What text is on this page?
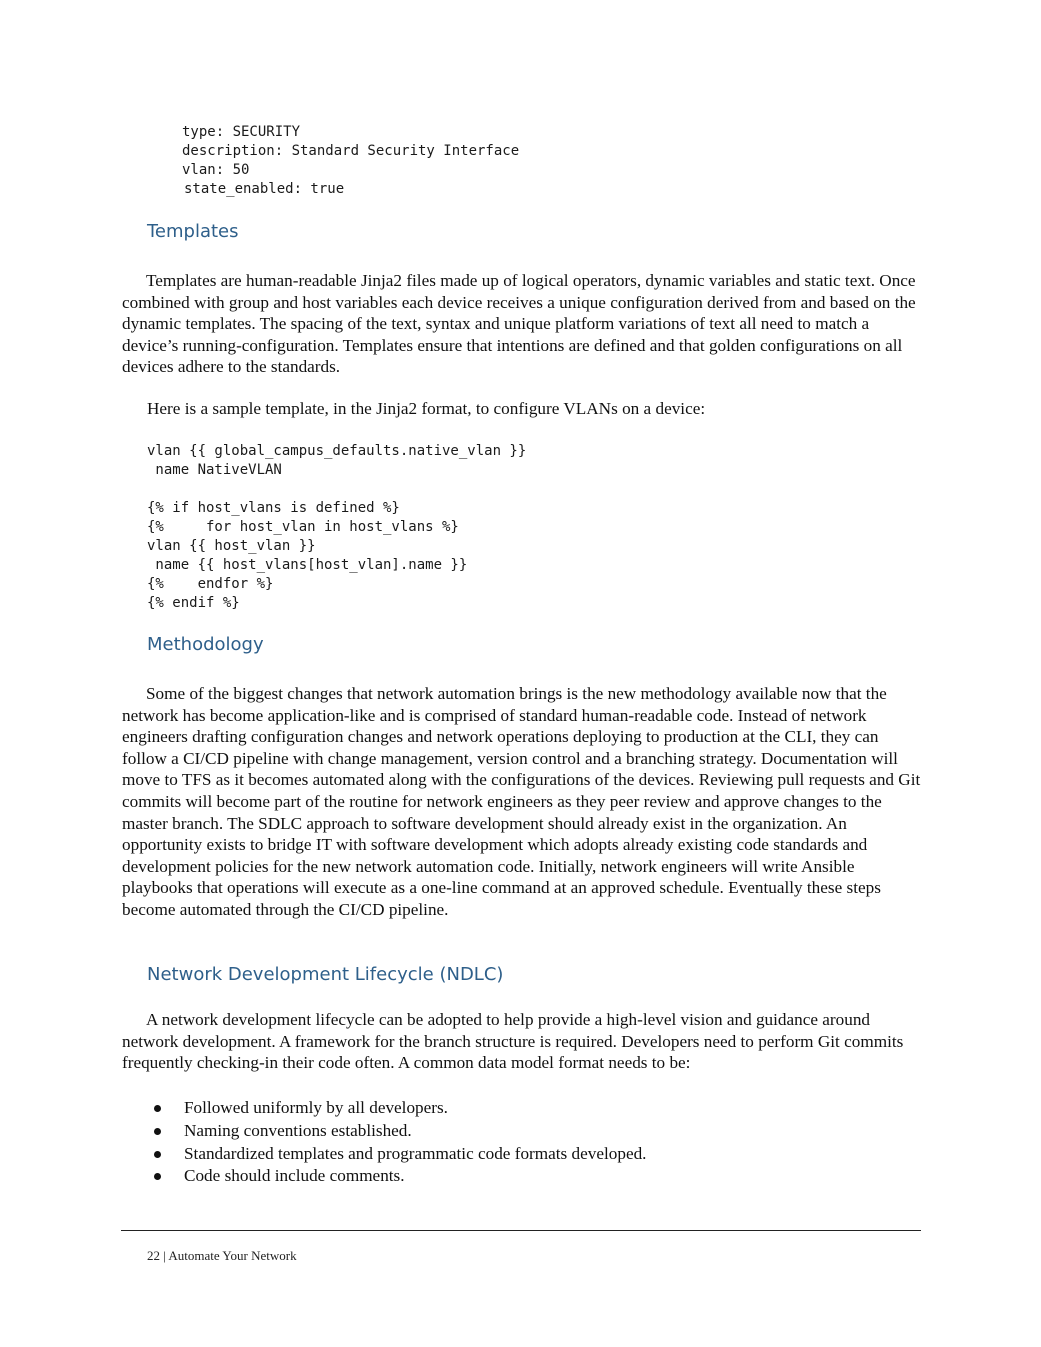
type: SECURITY

description: Standard Security Interface

vlan: 50

state_enabled: true

Templates

Templates are human-readable Jinja2 files made up of logical operators, dynamic variables and static text. Once combined with group and host variables each device receives a unique configuration derived from and based on the dynamic templates. The spacing of the text, syntax and unique platform variations of text all need to match a device’s running-configuration. Templates ensure that intentions are defined and that golden configurations on all devices adhere to the standards.

Here is a sample template, in the Jinja2 format, to configure VLANs on a device:

vlan {{ global_campus_defaults.native_vlan }}

name NativeVLAN

{% if host_vlans is defined %}

{%     for host_vlan in host_vlans %}

vlan {{ host_vlan }}

name {{ host_vlans[host_vlan].name }}

{%    endfor %}

{% endif %}

Methodology

Some of the biggest changes that network automation brings is the new methodology available now that the network has become application-like and is comprised of standard human-readable code. Instead of network engineers drafting configuration changes and network operations deploying to production at the CLI, they can follow a CI/CD pipeline with change management, version control and a branching strategy. Documentation will move to TFS as it becomes automated along with the configurations of the devices. Reviewing pull requests and Git commits will become part of the routine for network engineers as they peer review and approve changes to the master branch. The SDLC approach to software development should already exist in the organization. An opportunity exists to bridge IT with software development which adopts already existing code standards and development policies for the new network automation code. Initially, network engineers will write Ansible playbooks that operations will execute as a one-line command at an approved schedule. Eventually these steps become automated through the CI/CD pipeline.

Network Development Lifecycle (NDLC)

A network development lifecycle can be adopted to help provide a high-level vision and guidance around network development. A framework for the branch structure is required. Developers need to perform Git commits frequently checking-in their code often. A common data model format needs to be:

Followed uniformly by all developers.
Naming conventions established.
Standardized templates and programmatic code formats developed.
Code should include comments.
22 | Automate Your Network
